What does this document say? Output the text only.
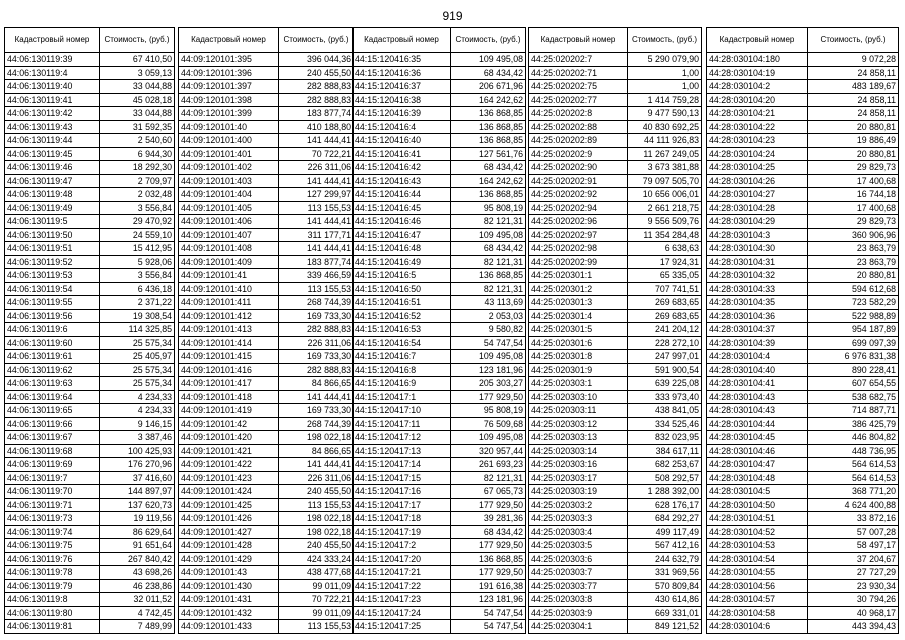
919
Кадастровый номер	Стоимость, (руб.)
44:06:130119:39	67 410,50
44:06:130119:4	3 059,13
44:06:130119:40	33 044,88
44:06:130119:41	45 028,18
44:06:130119:42	33 044,88
44:06:130119:43	31 592,35
44:06:130119:44	2 540,60
44:06:130119:45	6 944,30
44:06:130119:46	18 292,30
44:06:130119:47	2 709,97
44:06:130119:48	2 032,48
44:06:130119:49	3 556,84
44:06:130119:5	29 470,92
44:06:130119:50	24 559,10
44:06:130119:51	15 412,95
44:06:130119:52	5 928,06
44:06:130119:53	3 556,84
44:06:130119:54	6 436,18
44:06:130119:55	2 371,22
44:06:130119:56	19 308,54
44:06:130119:6	114 325,85
44:06:130119:60	25 575,34
44:06:130119:61	25 405,97
44:06:130119:62	25 575,34
44:06:130119:63	25 575,34
44:06:130119:64	4 234,33
44:06:130119:65	4 234,33
44:06:130119:66	9 146,15
44:06:130119:67	3 387,46
44:06:130119:68	100 425,93
44:06:130119:69	176 270,96
44:06:130119:7	37 416,60
44:06:130119:70	144 897,97
44:06:130119:71	137 620,73
44:06:130119:73	19 119,56
44:06:130119:74	86 629,64
44:06:130119:75	91 651,64
44:06:130119:76	267 840,42
44:06:130119:78	43 698,26
44:06:130119:79	46 238,86
44:06:130119:8	32 011,52
44:06:130119:80	4 742,45
44:06:130119:81	7 489,99
Кадастровый номер	Стоимость, (руб.)
44:09:120101:395	396 044,36
44:09:120101:396	240 455,50
44:09:120101:397	282 888,83
44:09:120101:398	282 888,83
44:09:120101:399	183 877,74
44:09:120101:40	410 188,80
44:09:120101:400	141 444,41
44:09:120101:401	70 722,21
44:09:120101:402	226 311,06
44:09:120101:403	141 444,41
44:09:120101:404	127 299,97
44:09:120101:405	113 155,53
44:09:120101:406	141 444,41
44:09:120101:407	311 177,71
44:09:120101:408	141 444,41
44:09:120101:409	183 877,74
44:09:120101:41	339 466,59
44:09:120101:410	113 155,53
44:09:120101:411	268 744,39
44:09:120101:412	169 733,30
44:09:120101:413	282 888,83
44:09:120101:414	226 311,06
44:09:120101:415	169 733,30
44:09:120101:416	282 888,83
44:09:120101:417	84 866,65
44:09:120101:418	141 444,41
44:09:120101:419	169 733,30
44:09:120101:42	268 744,39
44:09:120101:420	198 022,18
44:09:120101:421	84 866,65
44:09:120101:422	141 444,41
44:09:120101:423	226 311,06
44:09:120101:424	240 455,50
44:09:120101:425	113 155,53
44:09:120101:426	198 022,18
44:09:120101:427	198 022,18
44:09:120101:428	240 455,50
44:09:120101:429	424 333,24
44:09:120101:43	438 477,68
44:09:120101:430	99 011,09
44:09:120101:431	70 722,21
44:09:120101:432	99 011,09
44:09:120101:433	113 155,53
Кадастровый номер	Стоимость, (руб.)
44:15:120416:35	109 495,08
44:15:120416:36	68 434,42
44:15:120416:37	206 671,96
44:15:120416:38	164 242,62
44:15:120416:39	136 868,85
44:15:120416:4	136 868,85
44:15:120416:40	136 868,85
44:15:120416:41	127 561,76
44:15:120416:42	68 434,42
44:15:120416:43	164 242,62
44:15:120416:44	136 868,85
44:15:120416:45	95 808,19
44:15:120416:46	82 121,31
44:15:120416:47	109 495,08
44:15:120416:48	68 434,42
44:15:120416:49	82 121,31
44:15:120416:5	136 868,85
44:15:120416:50	82 121,31
44:15:120416:51	43 113,69
44:15:120416:52	2 053,03
44:15:120416:53	9 580,82
44:15:120416:54	54 747,54
44:15:120416:7	109 495,08
44:15:120416:8	123 181,96
44:15:120416:9	205 303,27
44:15:120417:1	177 929,50
44:15:120417:10	95 808,19
44:15:120417:11	76 509,68
44:15:120417:12	109 495,08
44:15:120417:13	320 957,44
44:15:120417:14	261 693,23
44:15:120417:15	82 121,31
44:15:120417:16	67 065,73
44:15:120417:17	177 929,50
44:15:120417:18	39 281,36
44:15:120417:19	68 434,42
44:15:120417:2	177 929,50
44:15:120417:20	136 868,85
44:15:120417:21	177 929,50
44:15:120417:22	191 616,38
44:15:120417:23	123 181,96
44:15:120417:24	54 747,54
44:15:120417:25	54 747,54
Кадастровый номер	Стоимость, (руб.)
44:25:020202:7	5 290 079,90
44:25:020202:71	1,00
44:25:020202:75	1,00
44:25:020202:77	1 414 759,28
44:25:020202:8	9 477 590,13
44:25:020202:88	40 830 692,25
44:25:020202:89	44 111 926,83
44:25:020202:9	11 267 249,05
44:25:020202:90	3 673 381,88
44:25:020202:91	79 097 505,70
44:25:020202:92	10 656 006,01
44:25:020202:94	2 661 218,75
44:25:020202:96	9 556 509,76
44:25:020202:97	11 354 284,48
44:25:020202:98	6 638,63
44:25:020202:99	17 924,31
44:25:020301:1	65 335,05
44:25:020301:2	707 741,51
44:25:020301:3	269 683,65
44:25:020301:4	269 683,65
44:25:020301:5	241 204,12
44:25:020301:6	228 272,10
44:25:020301:8	247 997,01
44:25:020301:9	591 900,54
44:25:020303:1	639 225,08
44:25:020303:10	333 973,40
44:25:020303:11	438 841,05
44:25:020303:12	334 525,46
44:25:020303:13	832 023,95
44:25:020303:14	384 617,11
44:25:020303:16	682 253,67
44:25:020303:17	508 292,57
44:25:020303:19	1 288 392,00
44:25:020303:2	628 176,17
44:25:020303:3	684 292,27
44:25:020303:4	499 117,49
44:25:020303:5	567 412,16
44:25:020303:6	244 632,79
44:25:020303:7	331 969,56
44:25:020303:77	570 809,84
44:25:020303:8	430 614,86
44:25:020303:9	669 331,01
44:25:020304:1	849 121,52
Кадастровый номер	Стоимость, (руб.)
44:28:030104:180	9 072,28
44:28:030104:19	24 858,11
44:28:030104:2	483 189,67
44:28:030104:20	24 858,11
44:28:030104:21	24 858,11
44:28:030104:22	20 880,81
44:28:030104:23	19 886,49
44:28:030104:24	20 880,81
44:28:030104:25	29 829,73
44:28:030104:26	17 400,68
44:28:030104:27	16 744,18
44:28:030104:28	17 400,68
44:28:030104:29	29 829,73
44:28:030104:3	360 906,96
44:28:030104:30	23 863,79
44:28:030104:31	23 863,79
44:28:030104:32	20 880,81
44:28:030104:33	594 612,68
44:28:030104:35	723 582,29
44:28:030104:36	522 988,89
44:28:030104:37	954 187,89
44:28:030104:39	699 097,39
44:28:030104:4	6 976 831,38
44:28:030104:40	890 228,41
44:28:030104:41	607 654,55
44:28:030104:43	538 682,75
44:28:030104:43	714 887,71
44:28:030104:44	386 425,79
44:28:030104:45	446 804,82
44:28:030104:46	448 736,95
44:28:030104:47	564 614,53
44:28:030104:48	564 614,53
44:28:030104:5	368 771,20
44:28:030104:50	4 624 400,88
44:28:030104:51	33 872,16
44:28:030104:52	57 007,28
44:28:030104:53	58 497,17
44:28:030104:54	37 204,67
44:28:030104:55	27 727,29
44:28:030104:56	23 930,34
44:28:030104:57	30 794,26
44:28:030104:58	40 968,17
44:28:030104:6	443 394,43
